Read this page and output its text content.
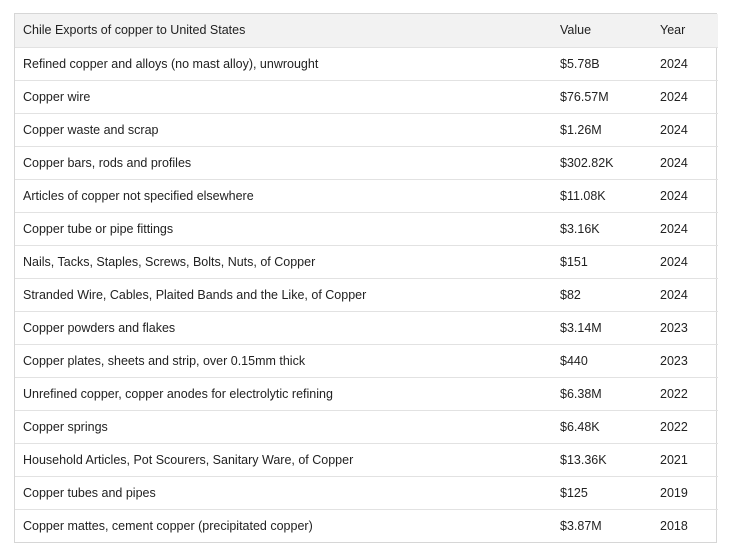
Chile Exports of copper to United States	Value	Year
Refined copper and alloys (no mast alloy), unwrought	$5.78B	2024
Copper wire	$76.57M	2024
Copper waste and scrap	$1.26M	2024
Copper bars, rods and profiles	$302.82K	2024
Articles of copper not specified elsewhere	$11.08K	2024
Copper tube or pipe fittings	$3.16K	2024
Nails, Tacks, Staples, Screws, Bolts, Nuts, of Copper	$151	2024
Stranded Wire, Cables, Plaited Bands and the Like, of Copper	$82	2024
Copper powders and flakes	$3.14M	2023
Copper plates, sheets and strip, over 0.15mm thick	$440	2023
Unrefined copper, copper anodes for electrolytic refining	$6.38M	2022
Copper springs	$6.48K	2022
Household Articles, Pot Scourers, Sanitary Ware, of Copper	$13.36K	2021
Copper tubes and pipes	$125	2019
Copper mattes, cement copper (precipitated copper)	$3.87M	2018
